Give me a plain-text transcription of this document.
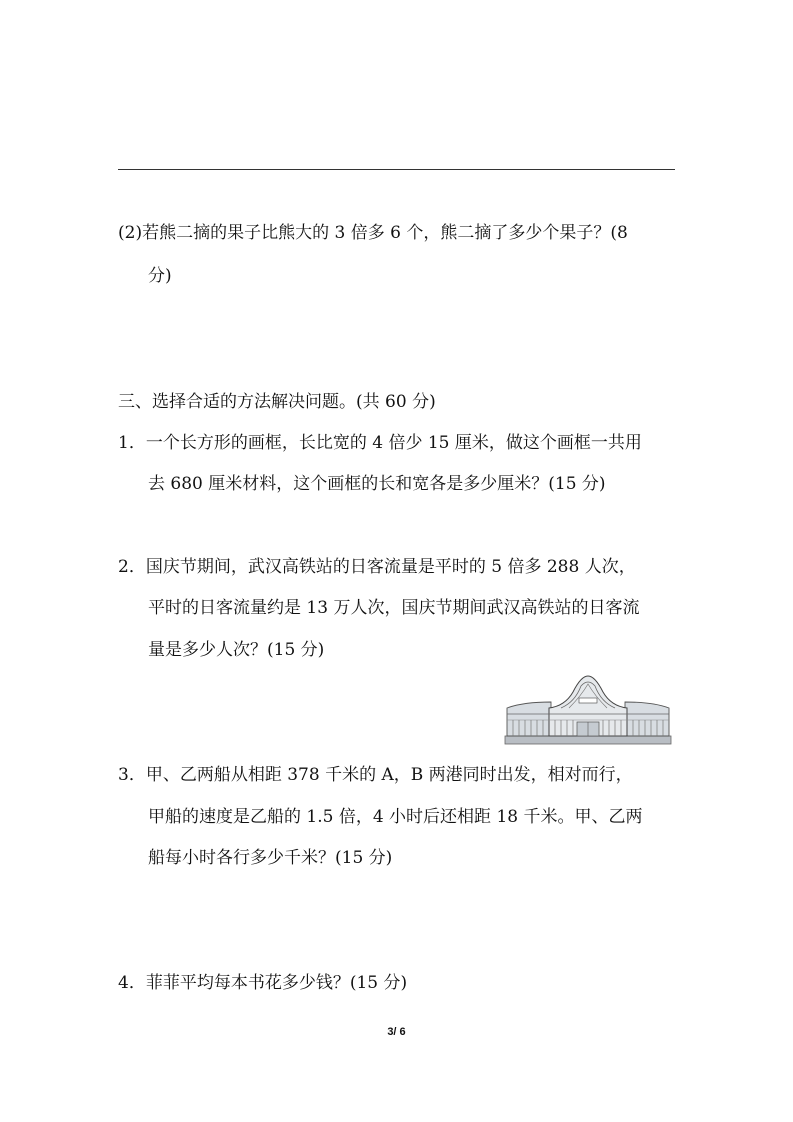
(2)若熊二摘的果子比熊大的 3 倍多 6 个，熊二摘了多少个果子？(8
分)
三、选择合适的方法解决问题。(共 60 分)
1．一个长方形的画框，长比宽的 4 倍少 15 厘米，做这个画框一共用
去 680 厘米材料，这个画框的长和宽各是多少厘米？(15 分)
2．国庆节期间，武汉高铁站的日客流量是平时的 5 倍多 288 人次，
平时的日客流量约是 13 万人次，国庆节期间武汉高铁站的日客流
量是多少人次？(15 分)
3．甲、乙两船从相距 378 千米的 A，B 两港同时出发，相对而行，
甲船的速度是乙船的 1.5 倍，4 小时后还相距 18 千米。甲、乙两
船每小时各行多少千米？(15 分)
4．菲菲平均每本书花多少钱？(15 分)
3/ 6
